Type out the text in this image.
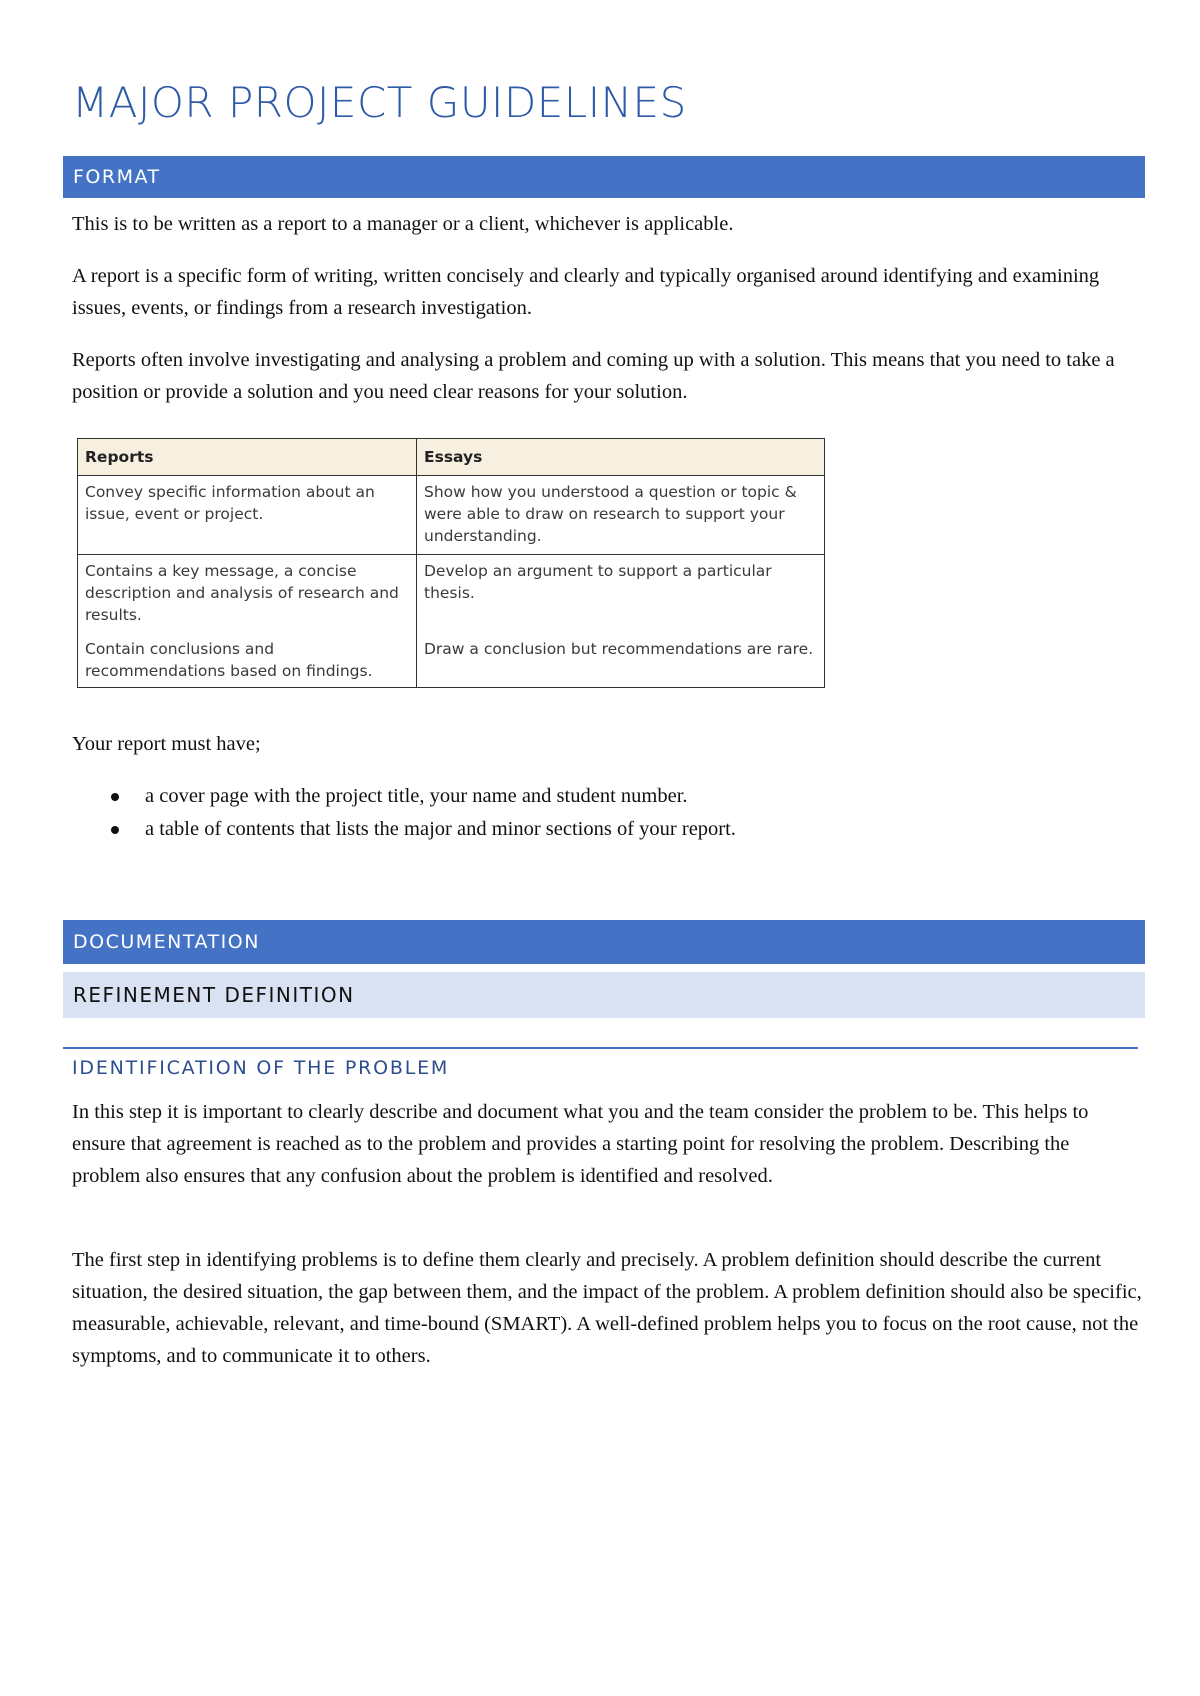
MAJOR PROJECT GUIDELINES
FORMAT

This is to be written as a report to a manager or a client, whichever is applicable.

A report is a specific form of writing, written concisely and clearly and typically organised around identifying and examining issues, events, or findings from a research investigation.

Reports often involve investigating and analysing a problem and coming up with a solution. This means that you need to take a position or provide a solution and you need clear reasons for your solution.

Reports	Essays
Convey specific information about an issue, event or project.	Show how you understood a question or topic & were able to draw on research to support your understanding.
Contains a key message, a concise description and analysis of research and results.	Develop an argument to support a particular thesis.
Contain conclusions and recommendations based on findings.	Draw a conclusion but recommendations are rare.

Your report must have;

a cover page with the project title, your name and student number.
a table of contents that lists the major and minor sections of your report.
DOCUMENTATION
REFINEMENT DEFINITION
IDENTIFICATION OF THE PROBLEM

In this step it is important to clearly describe and document what you and the team consider the problem to be. This helps to ensure that agreement is reached as to the problem and provides a starting point for resolving the problem. Describing the problem also ensures that any confusion about the problem is identified and resolved.

The first step in identifying problems is to define them clearly and precisely. A problem definition should describe the current situation, the desired situation, the gap between them, and the impact of the problem. A problem definition should also be specific, measurable, achievable, relevant, and time-bound (SMART). A well-defined problem helps you to focus on the root cause, not the symptoms, and to communicate it to others.
